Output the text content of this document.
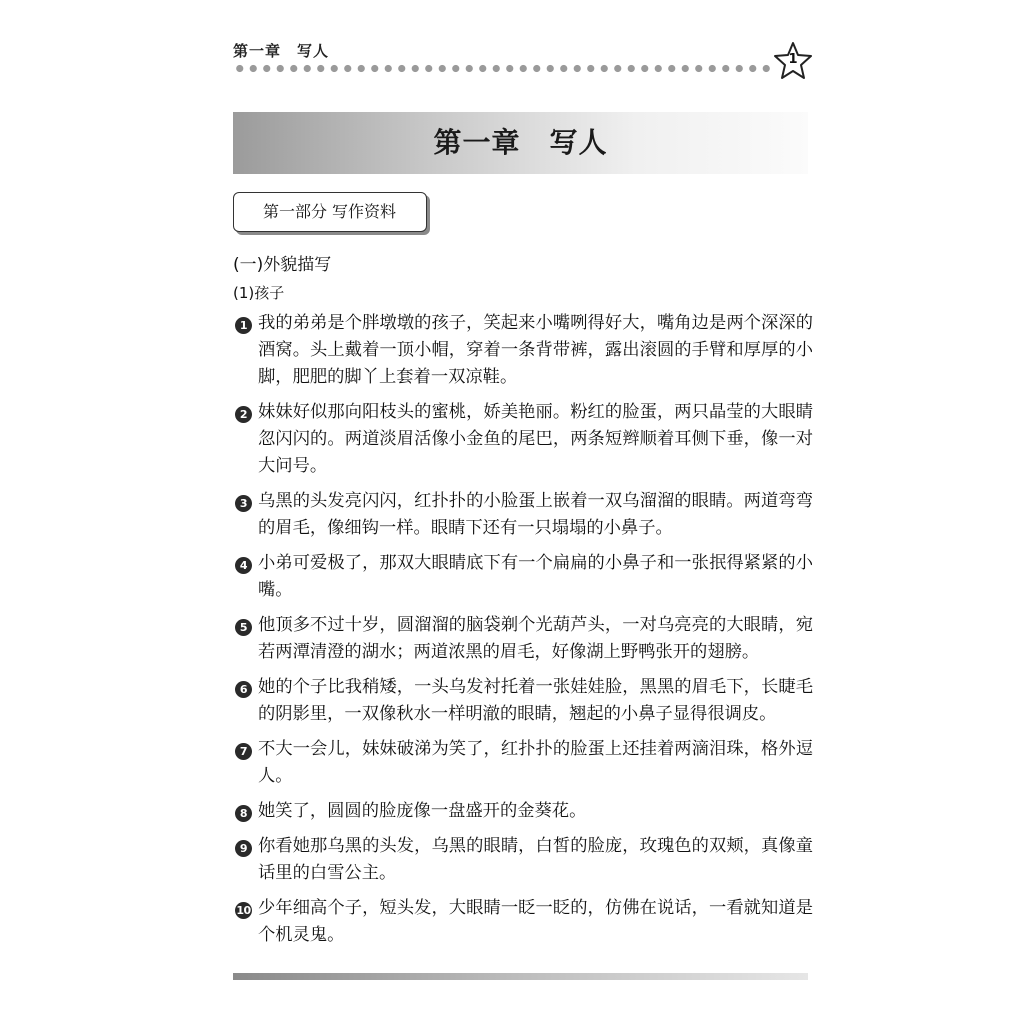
第一章　写人	1
第一章　写人
第一部分 写作资料
(一)外貌描写
(1)孩子
1 我的弟弟是个胖墩墩的孩子，笑起来小嘴咧得好大，嘴角边是两个深深的酒窝。头上戴着一顶小帽，穿着一条背带裤，露出滚圆的手臂和厚厚的小脚，肥肥的脚丫上套着一双凉鞋。
2 妹妹好似那向阳枝头的蜜桃，娇美艳丽。粉红的脸蛋，两只晶莹的大眼睛忽闪闪的。两道淡眉活像小金鱼的尾巴，两条短辫顺着耳侧下垂，像一对大问号。
3 乌黑的头发亮闪闪，红扑扑的小脸蛋上嵌着一双乌溜溜的眼睛。两道弯弯的眉毛，像细钩一样。眼睛下还有一只塌塌的小鼻子。
4 小弟可爱极了，那双大眼睛底下有一个扁扁的小鼻子和一张抿得紧紧的小嘴。
5 他顶多不过十岁，圆溜溜的脑袋剃个光葫芦头，一对乌亮亮的大眼睛，宛若两潭清澄的湖水；两道浓黑的眉毛，好像湖上野鸭张开的翅膀。
6 她的个子比我稍矮，一头乌发衬托着一张娃娃脸，黑黑的眉毛下，长睫毛的阴影里，一双像秋水一样明澈的眼睛，翘起的小鼻子显得很调皮。
7 不大一会儿，妹妹破涕为笑了，红扑扑的脸蛋上还挂着两滴泪珠，格外逗人。
8 她笑了，圆圆的脸庞像一盘盛开的金葵花。
9 你看她那乌黑的头发，乌黑的眼睛，白皙的脸庞，玫瑰色的双颊，真像童话里的白雪公主。
10 少年细高个子，短头发，大眼睛一眨一眨的，仿佛在说话，一看就知道是个机灵鬼。
